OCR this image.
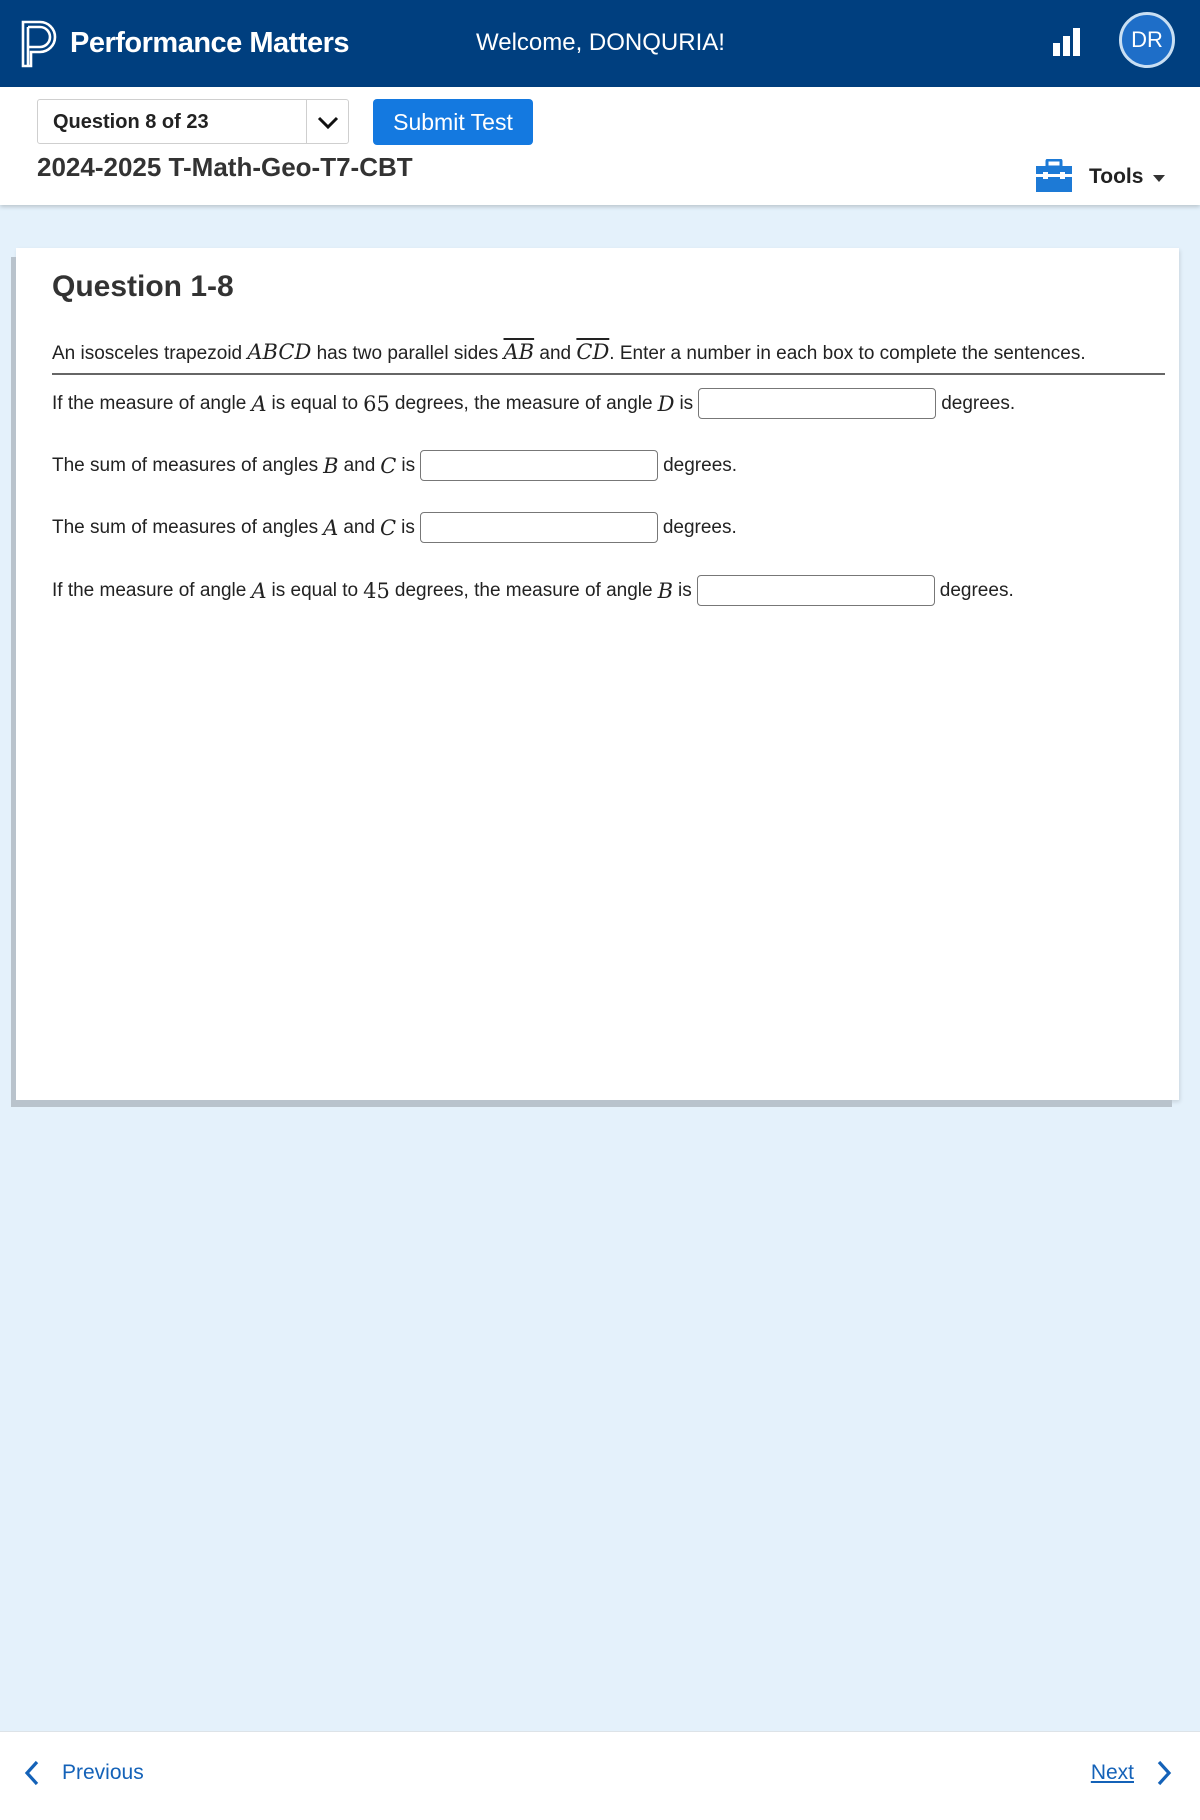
Performance Matters	Welcome, DONQURIA!	DR
Question 8 of 23	Submit Test
2024-2025 T-Math-Geo-T7-CBT	Tools
Question 1-8
An isosceles trapezoid ABCD has two parallel sides $\overline{AB}$ and $\overline{CD}$. Enter a number in each box to complete the sentences.
If the measure of angle A is equal to 65 degrees, the measure of angle D is	degrees.
The sum of measures of angles B and C is	degrees.
The sum of measures of angles A and C is	degrees.
If the measure of angle A is equal to 45 degrees, the measure of angle B is	degrees.
Previous	Next
